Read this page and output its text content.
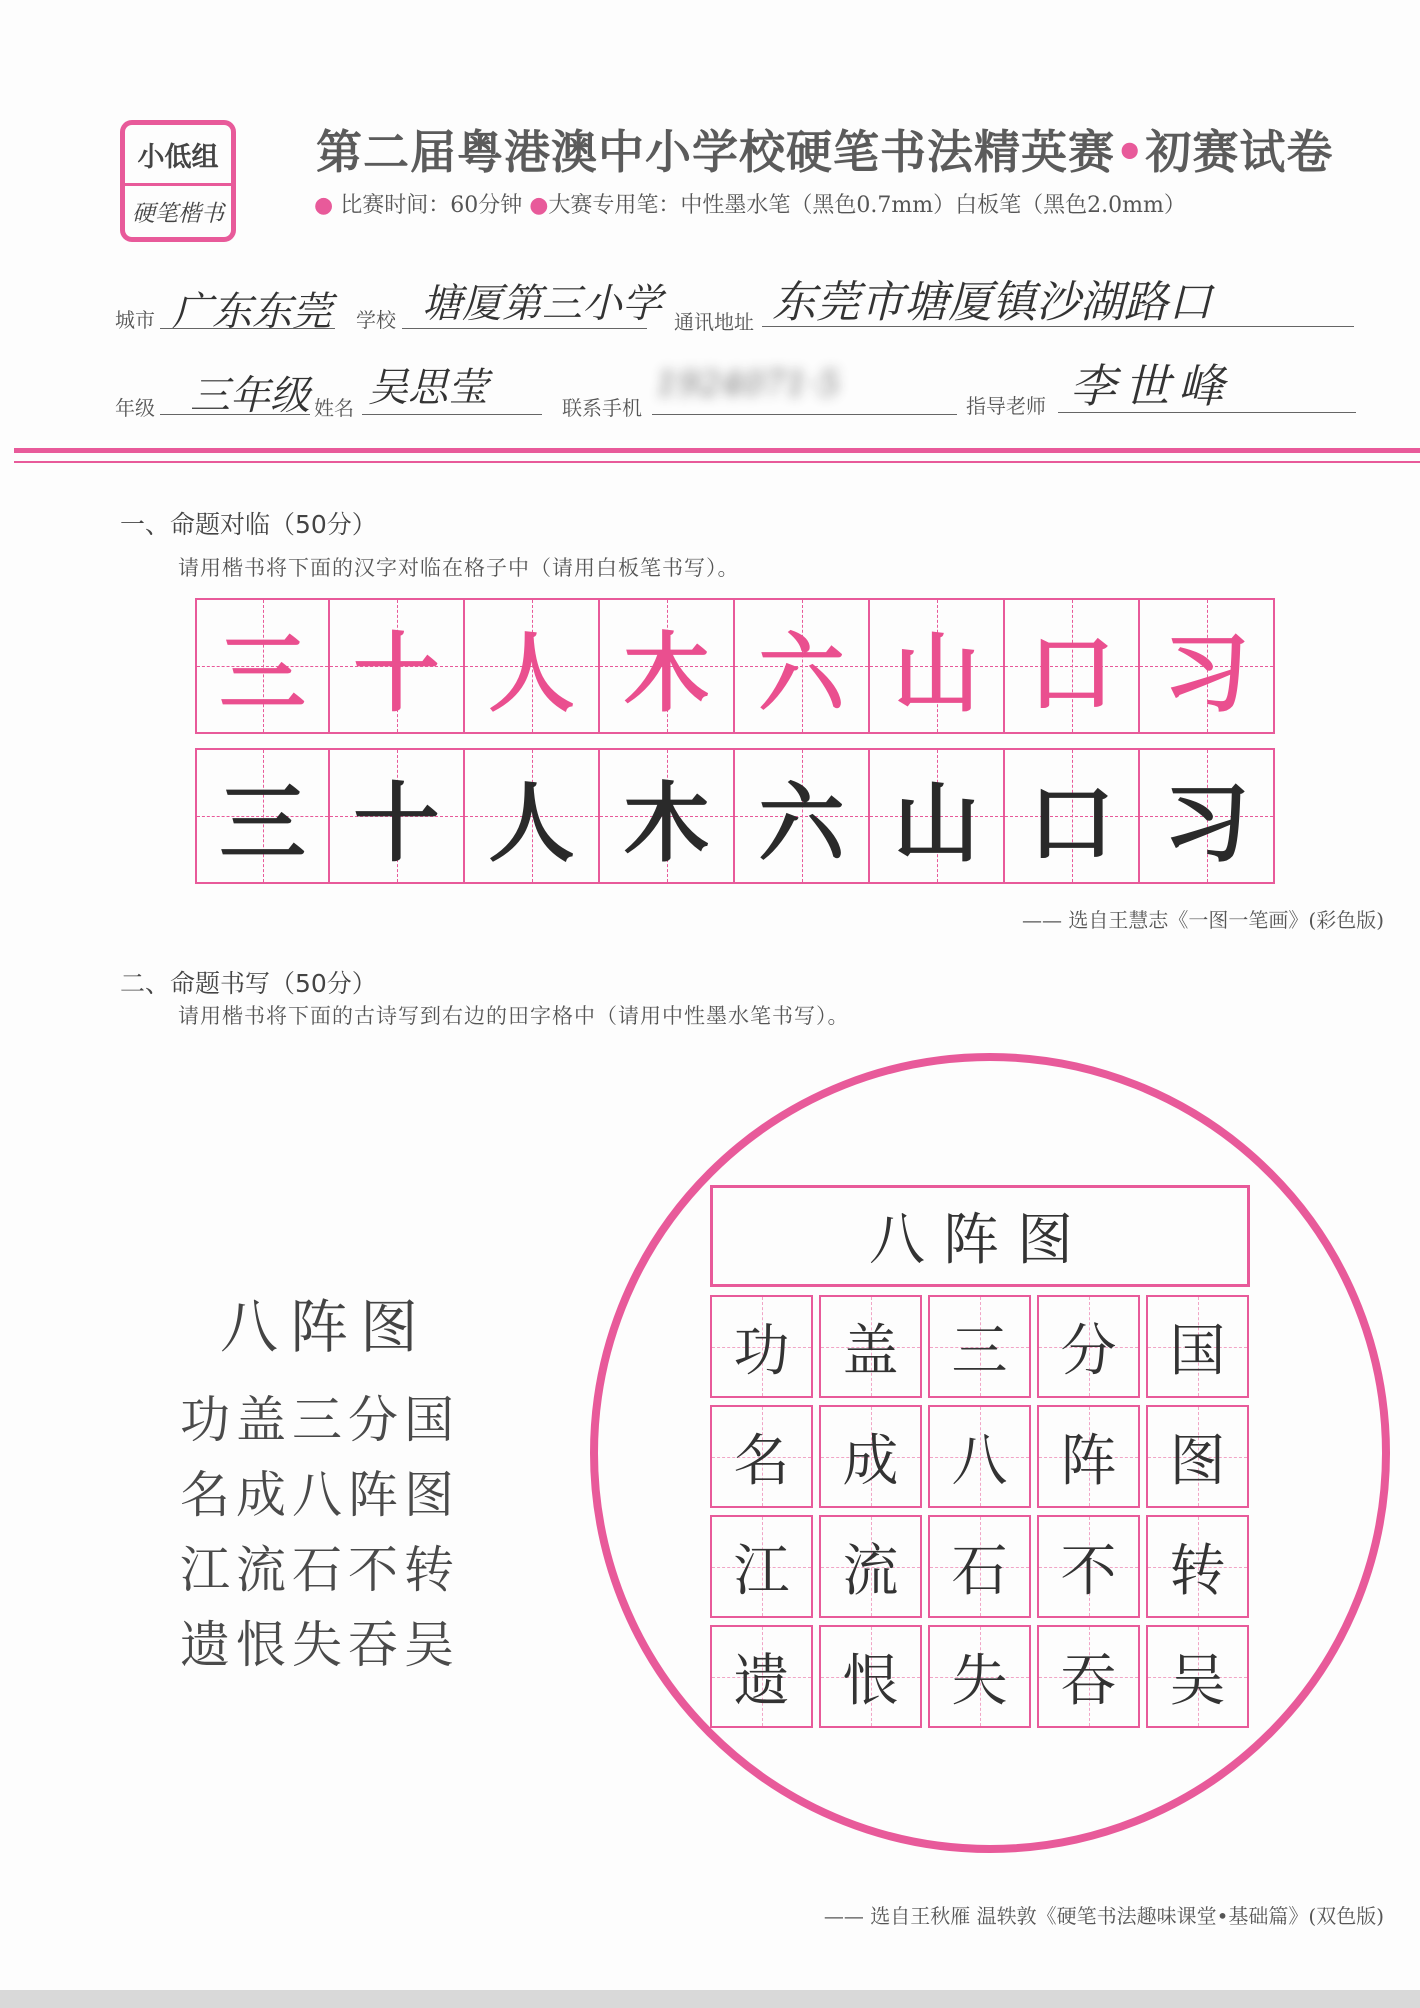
小低组
硬笔楷书
第二届粤港澳中小学校硬笔书法精英赛•初赛试卷
● 比赛时间：60分钟 ●大赛专用笔：中性墨水笔（黑色0.7mm）白板笔（黑色2.0mm）
城市 广东东莞 学校 塘厦第三小学 通讯地址 东莞市塘厦镇沙湖路口
年级 三年级 姓名 吴思莹	联系手机
1924071·5
指导老师 李世峰
一、命题对临（50分）
请用楷书将下面的汉字对临在格子中（请用白板笔书写）。
三 十 人 木 六 山 口 习
三 十 人 木 六 山 口 习
—— 选自王慧志《一图一笔画》(彩色版)
二、命题书写（50分）
请用楷书将下面的古诗写到右边的田字格中（请用中性墨水笔书写）。
八阵图
功盖三分国
名成八阵图
江流石不转
遗恨失吞吴
八阵图
功 盖 三 分 国
名 成 八 阵 图
江 流 石 不 转
遗 恨 失 吞 吴
—— 选自王秋雁 温轶敦《硬笔书法趣味课堂•基础篇》(双色版)
